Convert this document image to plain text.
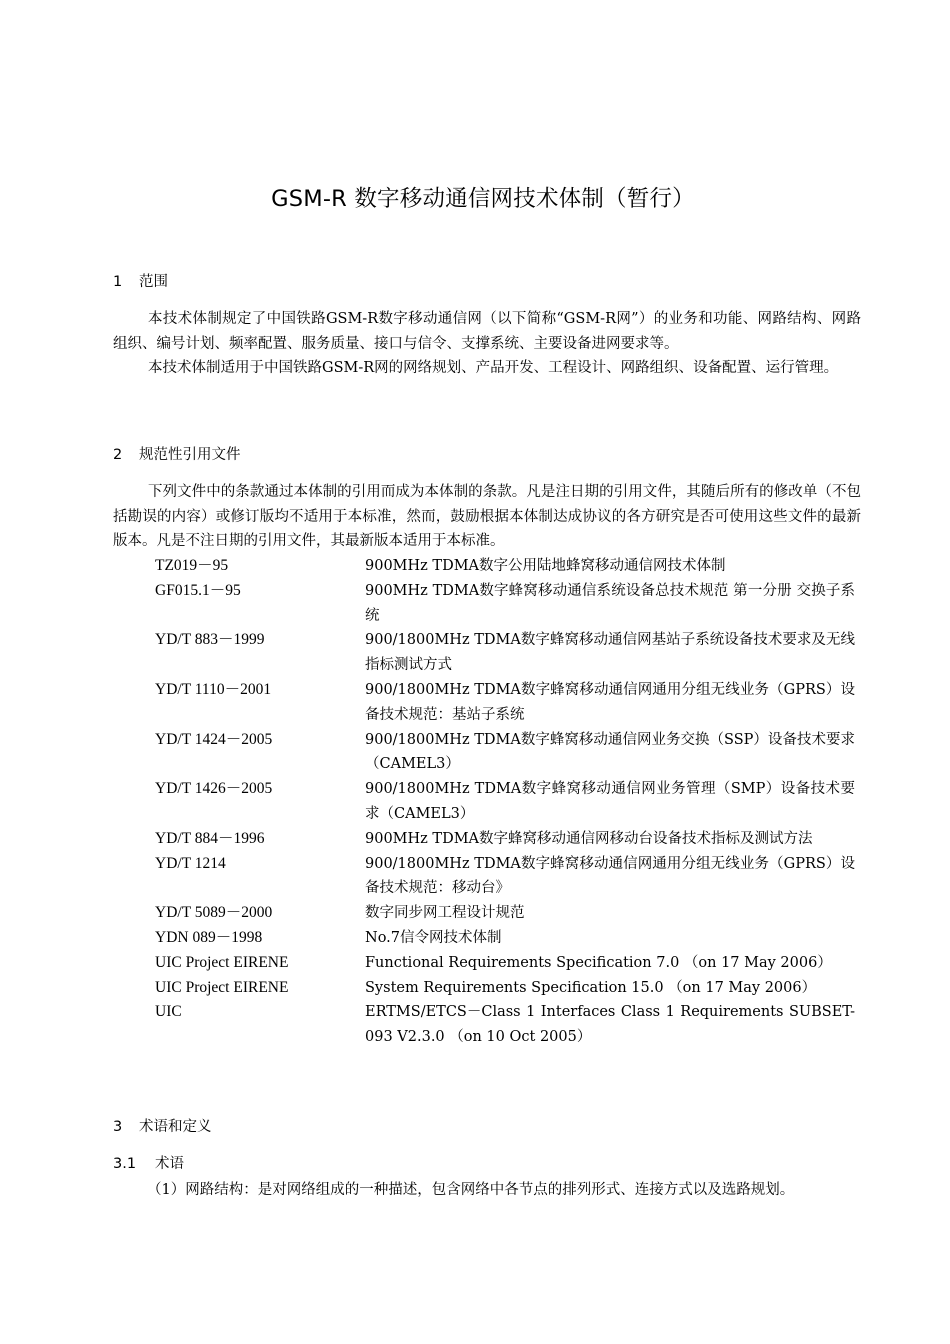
GSM-R 数字移动通信网技术体制（暂行）
1 范围
本技术体制规定了中国铁路GSM-R数字移动通信网（以下简称“GSM-R网”）的业务和功能、网路结构、网路组织、编号计划、频率配置、服务质量、接口与信令、支撑系统、主要设备进网要求等。
本技术体制适用于中国铁路GSM-R网的网络规划、产品开发、工程设计、网路组织、设备配置、运行管理。
2 规范性引用文件
下列文件中的条款通过本体制的引用而成为本体制的条款。凡是注日期的引用文件，其随后所有的修改单（不包括勘误的内容）或修订版均不适用于本标准，然而，鼓励根据本体制达成协议的各方研究是否可使用这些文件的最新版本。凡是不注日期的引用文件，其最新版本适用于本标准。
TZ019－95	900MHz TDMA数字公用陆地蜂窝移动通信网技术体制
GF015.1－95	900MHz TDMA数字蜂窝移动通信系统设备总技术规范 第一分册 交换子系统
YD/T 883－1999	900/1800MHz TDMA数字蜂窝移动通信网基站子系统设备技术要求及无线指标测试方式
YD/T 1110－2001	900/1800MHz TDMA数字蜂窝移动通信网通用分组无线业务（GPRS）设备技术规范：基站子系统
YD/T 1424－2005	900/1800MHz TDMA数字蜂窝移动通信网业务交换（SSP）设备技术要求（CAMEL3）
YD/T 1426－2005	900/1800MHz TDMA数字蜂窝移动通信网业务管理（SMP）设备技术要求（CAMEL3）
YD/T 884－1996	900MHz TDMA数字蜂窝移动通信网移动台设备技术指标及测试方法
YD/T 1214	900/1800MHz TDMA数字蜂窝移动通信网通用分组无线业务（GPRS）设备技术规范：移动台》
YD/T 5089－2000	数字同步网工程设计规范
YDN 089－1998	No.7信令网技术体制
UIC Project EIRENE	Functional Requirements Specification 7.0 （on 17 May 2006）
UIC Project EIRENE	System Requirements Specification 15.0 （on 17 May 2006）
UIC	ERTMS/ETCS－Class 1 Interfaces Class 1 Requirements SUBSET-093 V2.3.0 （on 10 Oct 2005）
3 术语和定义
3.1 术语
（1）网路结构：是对网络组成的一种描述，包含网络中各节点的排列形式、连接方式以及选路规划。
